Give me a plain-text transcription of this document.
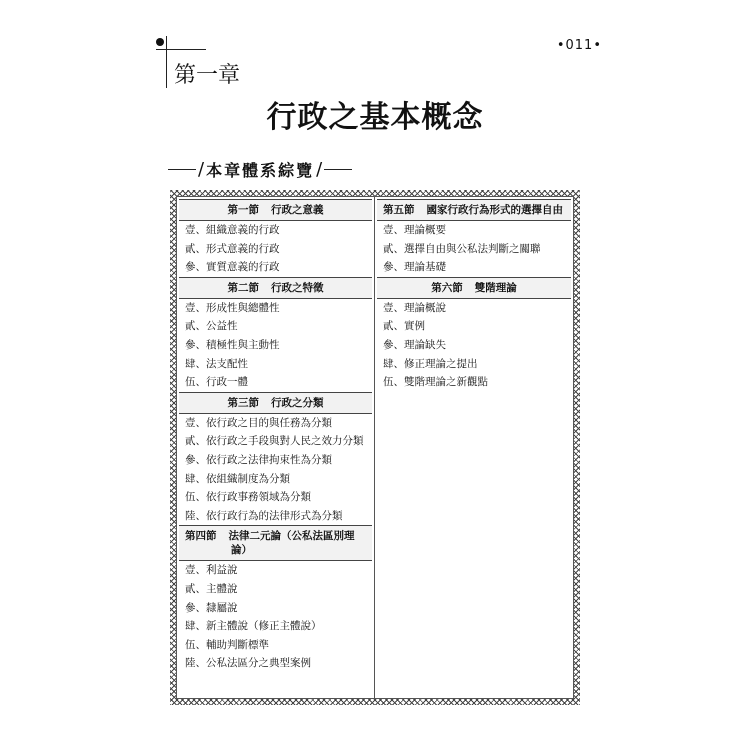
•011•
第一章
行政之基本概念
/ 本章體系綜覽 /
第一節 行政之意義
壹、組織意義的行政
貳、形式意義的行政
參、實質意義的行政
第二節 行政之特徵
壹、形成性與總體性
貳、公益性
參、積極性與主動性
肆、法支配性
伍、行政一體
第三節 行政之分類
壹、依行政之目的與任務為分類
貳、依行政之手段與對人民之效力分類
參、依行政之法律拘束性為分類
肆、依組織制度為分類
伍、依行政事務領域為分類
陸、依行政行為的法律形式為分類
第四節 法律二元論（公私法區別理
論）
壹、利益說
貳、主體說
參、隸屬說
肆、新主體說（修正主體說）
伍、輔助判斷標準
陸、公私法區分之典型案例
第五節 國家行政行為形式的選擇自由
壹、理論概要
貳、選擇自由與公私法判斷之關聯
參、理論基礎
第六節 雙階理論
壹、理論概說
貳、實例
參、理論缺失
肆、修正理論之提出
伍、雙階理論之新觀點
